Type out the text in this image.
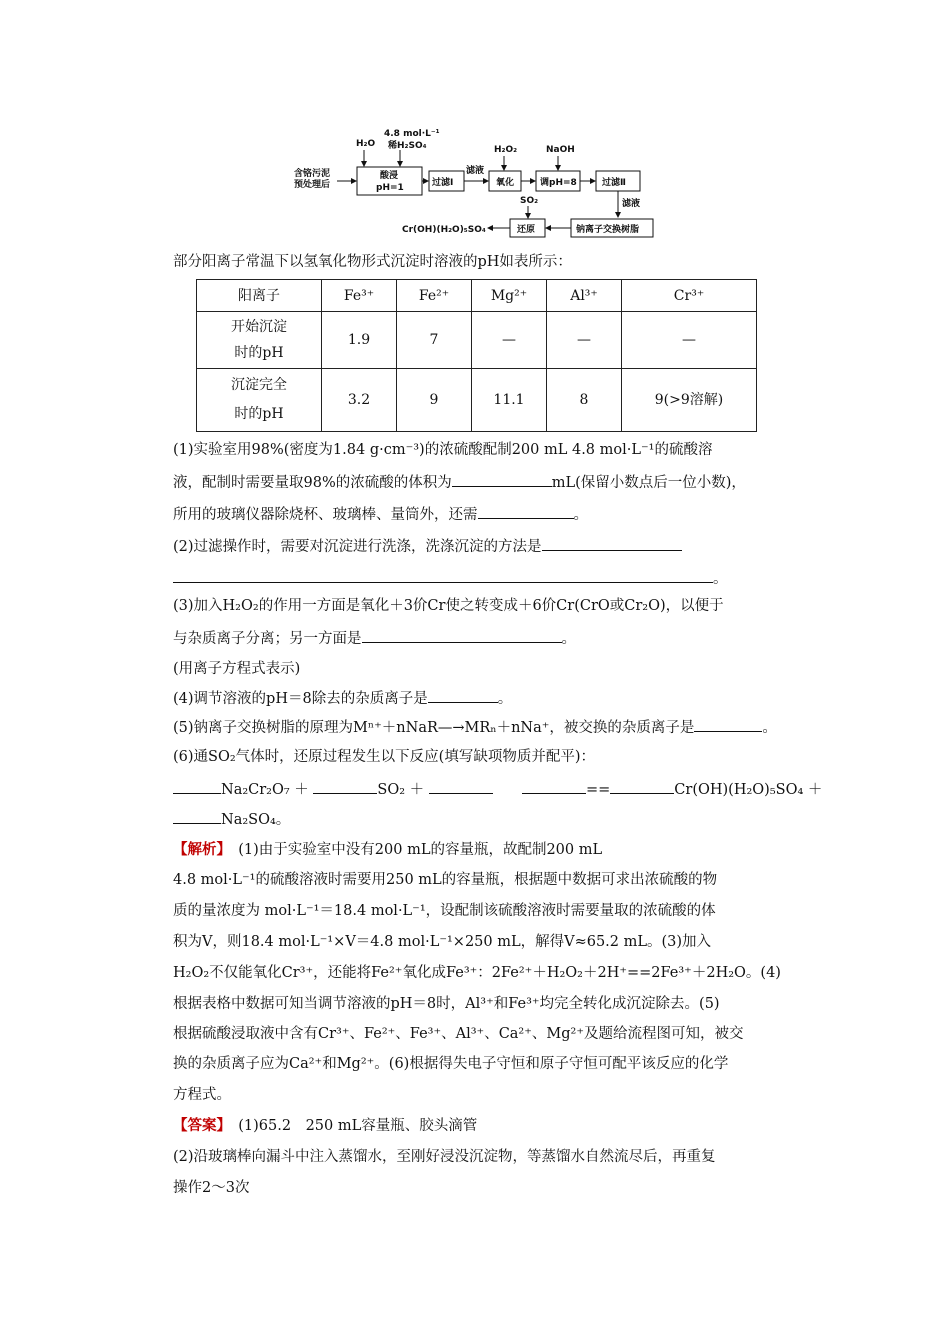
H₂O
4.8 mol·L⁻¹
稀H₂SO₄
含铬污泥
预处理后
酸浸
pH=1	过滤Ⅰ
滤液
H₂O₂
氧化
NaOH
调pH=8	过滤Ⅱ
滤液
钠离子交换树脂
SO₂
还原
Cr(OH)(H₂O)₅SO₄
部分阳离子常温下以氢氧化物形式沉淀时溶液的pH如表所示：
阳离子	Fe³⁺	Fe²⁺	Mg²⁺	Al³⁺	Cr³⁺
开始沉淀
时的pH	1.9	7	—	—	—
沉淀完全
时的pH	3.2	9	11.1	8	9(>9溶解)
(1)实验室用98%(密度为1.84 g·cm⁻³)的浓硫酸配制200 mL 4.8 mol·L⁻¹的硫酸溶
液，配制时需要量取98%的浓硫酸的体积为	mL(保留小数点后一位小数)，
所用的玻璃仪器除烧杯、玻璃棒、量筒外，还需	。
(2)过滤操作时，需要对沉淀进行洗涤，洗涤沉淀的方法是
。
(3)加入H₂O₂的作用一方面是氧化＋3价Cr使之转变成＋6价Cr(CrO或Cr₂O)，以便于
与杂质离子分离；另一方面是	。
(用离子方程式表示)
(4)调节溶液的pH＝8除去的杂质离子是	。
(5)钠离子交换树脂的原理为Mⁿ⁺＋nNaR—→MRₙ＋nNa⁺，被交换的杂质离子是	。
(6)通SO₂气体时，还原过程发生以下反应(填写缺项物质并配平)：
Na₂Cr₂O₇ ＋	SO₂ ＋	==	Cr(OH)(H₂O)₅SO₄ ＋
Na₂SO₄。
【解析】　 (1)由于实验室中没有200 mL的容量瓶，故配制200 mL
4.8 mol·L⁻¹的硫酸溶液时需要用250 mL的容量瓶，根据题中数据可求出浓硫酸的物
质的量浓度为 mol·L⁻¹＝18.4 mol·L⁻¹，设配制该硫酸溶液时需要量取的浓硫酸的体
积为V，则18.4 mol·L⁻¹×V＝4.8 mol·L⁻¹×250 mL，解得V≈65.2 mL。(3)加入
H₂O₂不仅能氧化Cr³⁺，还能将Fe²⁺氧化成Fe³⁺：2Fe²⁺＋H₂O₂＋2H⁺==2Fe³⁺＋2H₂O。(4)
根据表格中数据可知当调节溶液的pH＝8时，Al³⁺和Fe³⁺均完全转化成沉淀除去。(5)
根据硫酸浸取液中含有Cr³⁺、Fe²⁺、Fe³⁺、Al³⁺、Ca²⁺、Mg²⁺及题给流程图可知，被交
换的杂质离子应为Ca²⁺和Mg²⁺。(6)根据得失电子守恒和原子守恒可配平该反应的化学
方程式。
【答案】　 (1)65.2　250 mL容量瓶、胶头滴管
(2)沿玻璃棒向漏斗中注入蒸馏水，至刚好浸没沉淀物，等蒸馏水自然流尽后，再重复
操作2～3次
